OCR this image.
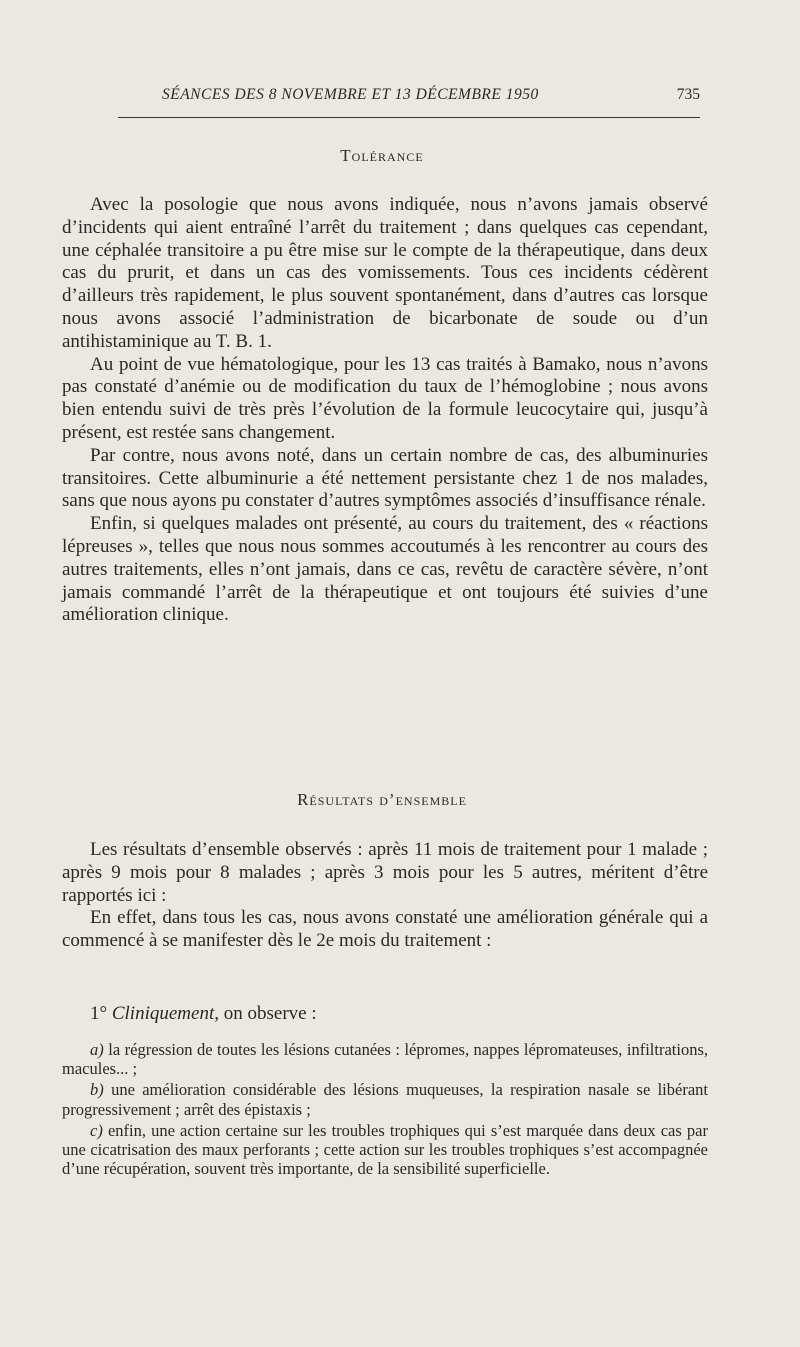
SÉANCES DES 8 NOVEMBRE ET 13 DÉCEMBRE 1950	735
Tolérance

Avec la posologie que nous avons indiquée, nous n’avons jamais observé d’incidents qui aient entraîné l’arrêt du traitement ; dans quelques cas cependant, une céphalée transitoire a pu être mise sur le compte de la thérapeutique, dans deux cas du prurit, et dans un cas des vomissements. Tous ces incidents cédèrent d’ailleurs très rapidement, le plus souvent spontanément, dans d’autres cas lorsque nous avons associé l’administration de bicarbonate de soude ou d’un antihistaminique au T. B. 1.

Au point de vue hématologique, pour les 13 cas traités à Bamako, nous n’avons pas constaté d’anémie ou de modification du taux de l’hémoglobine ; nous avons bien entendu suivi de très près l’évolution de la formule leucocytaire qui, jusqu’à présent, est restée sans changement.

Par contre, nous avons noté, dans un certain nombre de cas, des albuminuries transitoires. Cette albuminurie a été nettement persistante chez 1 de nos malades, sans que nous ayons pu constater d’autres symptômes associés d’insuffisance rénale.

Enfin, si quelques malades ont présenté, au cours du traitement, des « réactions lépreuses », telles que nous nous sommes accoutumés à les rencontrer au cours des autres traitements, elles n’ont jamais, dans ce cas, revêtu de caractère sévère, n’ont jamais commandé l’arrêt de la thérapeutique et ont toujours été suivies d’une amélioration clinique.

Résultats d’ensemble

Les résultats d’ensemble observés : après 11 mois de traitement pour 1 malade ; après 9 mois pour 8 malades ; après 3 mois pour les 5 autres, méritent d’être rapportés ici :

En effet, dans tous les cas, nous avons constaté une amélioration générale qui a commencé à se manifester dès le 2e mois du traitement :

1° Cliniquement, on observe :

a) la régression de toutes les lésions cutanées : lépromes, nappes lépromateuses, infiltrations, macules... ;

b) une amélioration considérable des lésions muqueuses, la respiration nasale se libérant progressivement ; arrêt des épistaxis ;

c) enfin, une action certaine sur les troubles trophiques qui s’est marquée dans deux cas par une cicatrisation des maux perforants ; cette action sur les troubles trophiques s’est accompagnée d’une récupération, souvent très importante, de la sensibilité superficielle.
